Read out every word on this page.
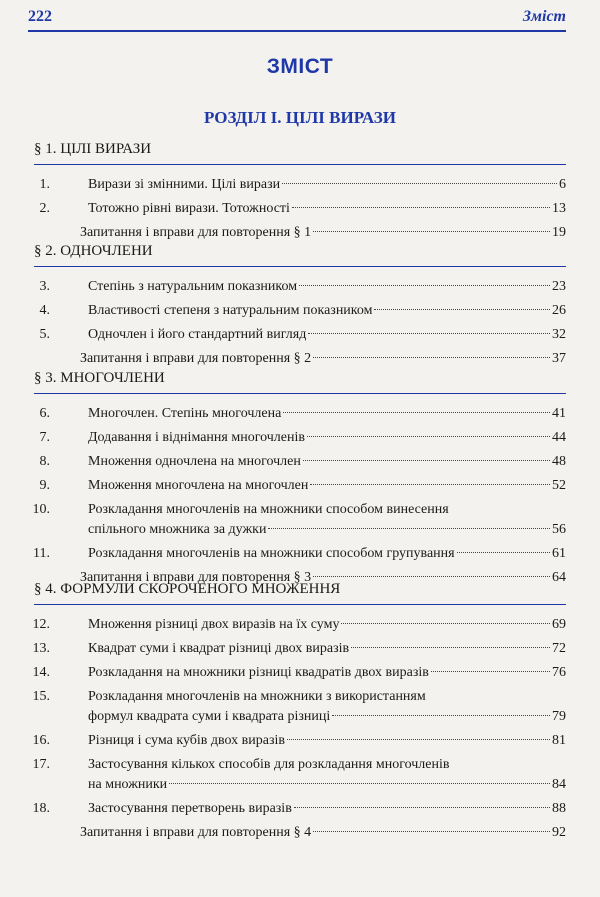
222	Зміст
ЗМІСТ
РОЗДІЛ І. ЦІЛІ ВИРАЗИ
§ 1. ЦІЛІ ВИРАЗИ
1.	Вирази зі змінними. Цілі вирази	6
2.	Тотожно рівні вирази. Тотожності	13
Запитання і вправи для повторення § 1	19
§ 2. ОДНОЧЛЕНИ
3.	Степінь з натуральним показником	23
4.	Властивості степеня з натуральним показником	26
5.	Одночлен і його стандартний вигляд	32
Запитання і вправи для повторення § 2	37
§ 3. МНОГОЧЛЕНИ
6.	Многочлен. Степінь многочлена	41
7.	Додавання і віднімання многочленів	44
8.	Множення одночлена на многочлен	48
9.	Множення многочлена на многочлен	52
10.	Розкладання многочленів на множники способом винесення
спільного множника за дужки	56
11.	Розкладання многочленів на множники способом групування	61
Запитання і вправи для повторення § 3	64
§ 4. ФОРМУЛИ СКОРОЧЕНОГО МНОЖЕННЯ
12.	Множення різниці двох виразів на їх суму	69
13.	Квадрат суми і квадрат різниці двох виразів	72
14.	Розкладання на множники різниці квадратів двох виразів	76
15.	Розкладання многочленів на множники з використанням
формул квадрата суми і квадрата різниці	79
16.	Різниця і сума кубів двох виразів	81
17.	Застосування кількох способів для розкладання многочленів
на множники	84
18.	Застосування перетворень виразів	88
Запитання і вправи для повторення § 4	92
